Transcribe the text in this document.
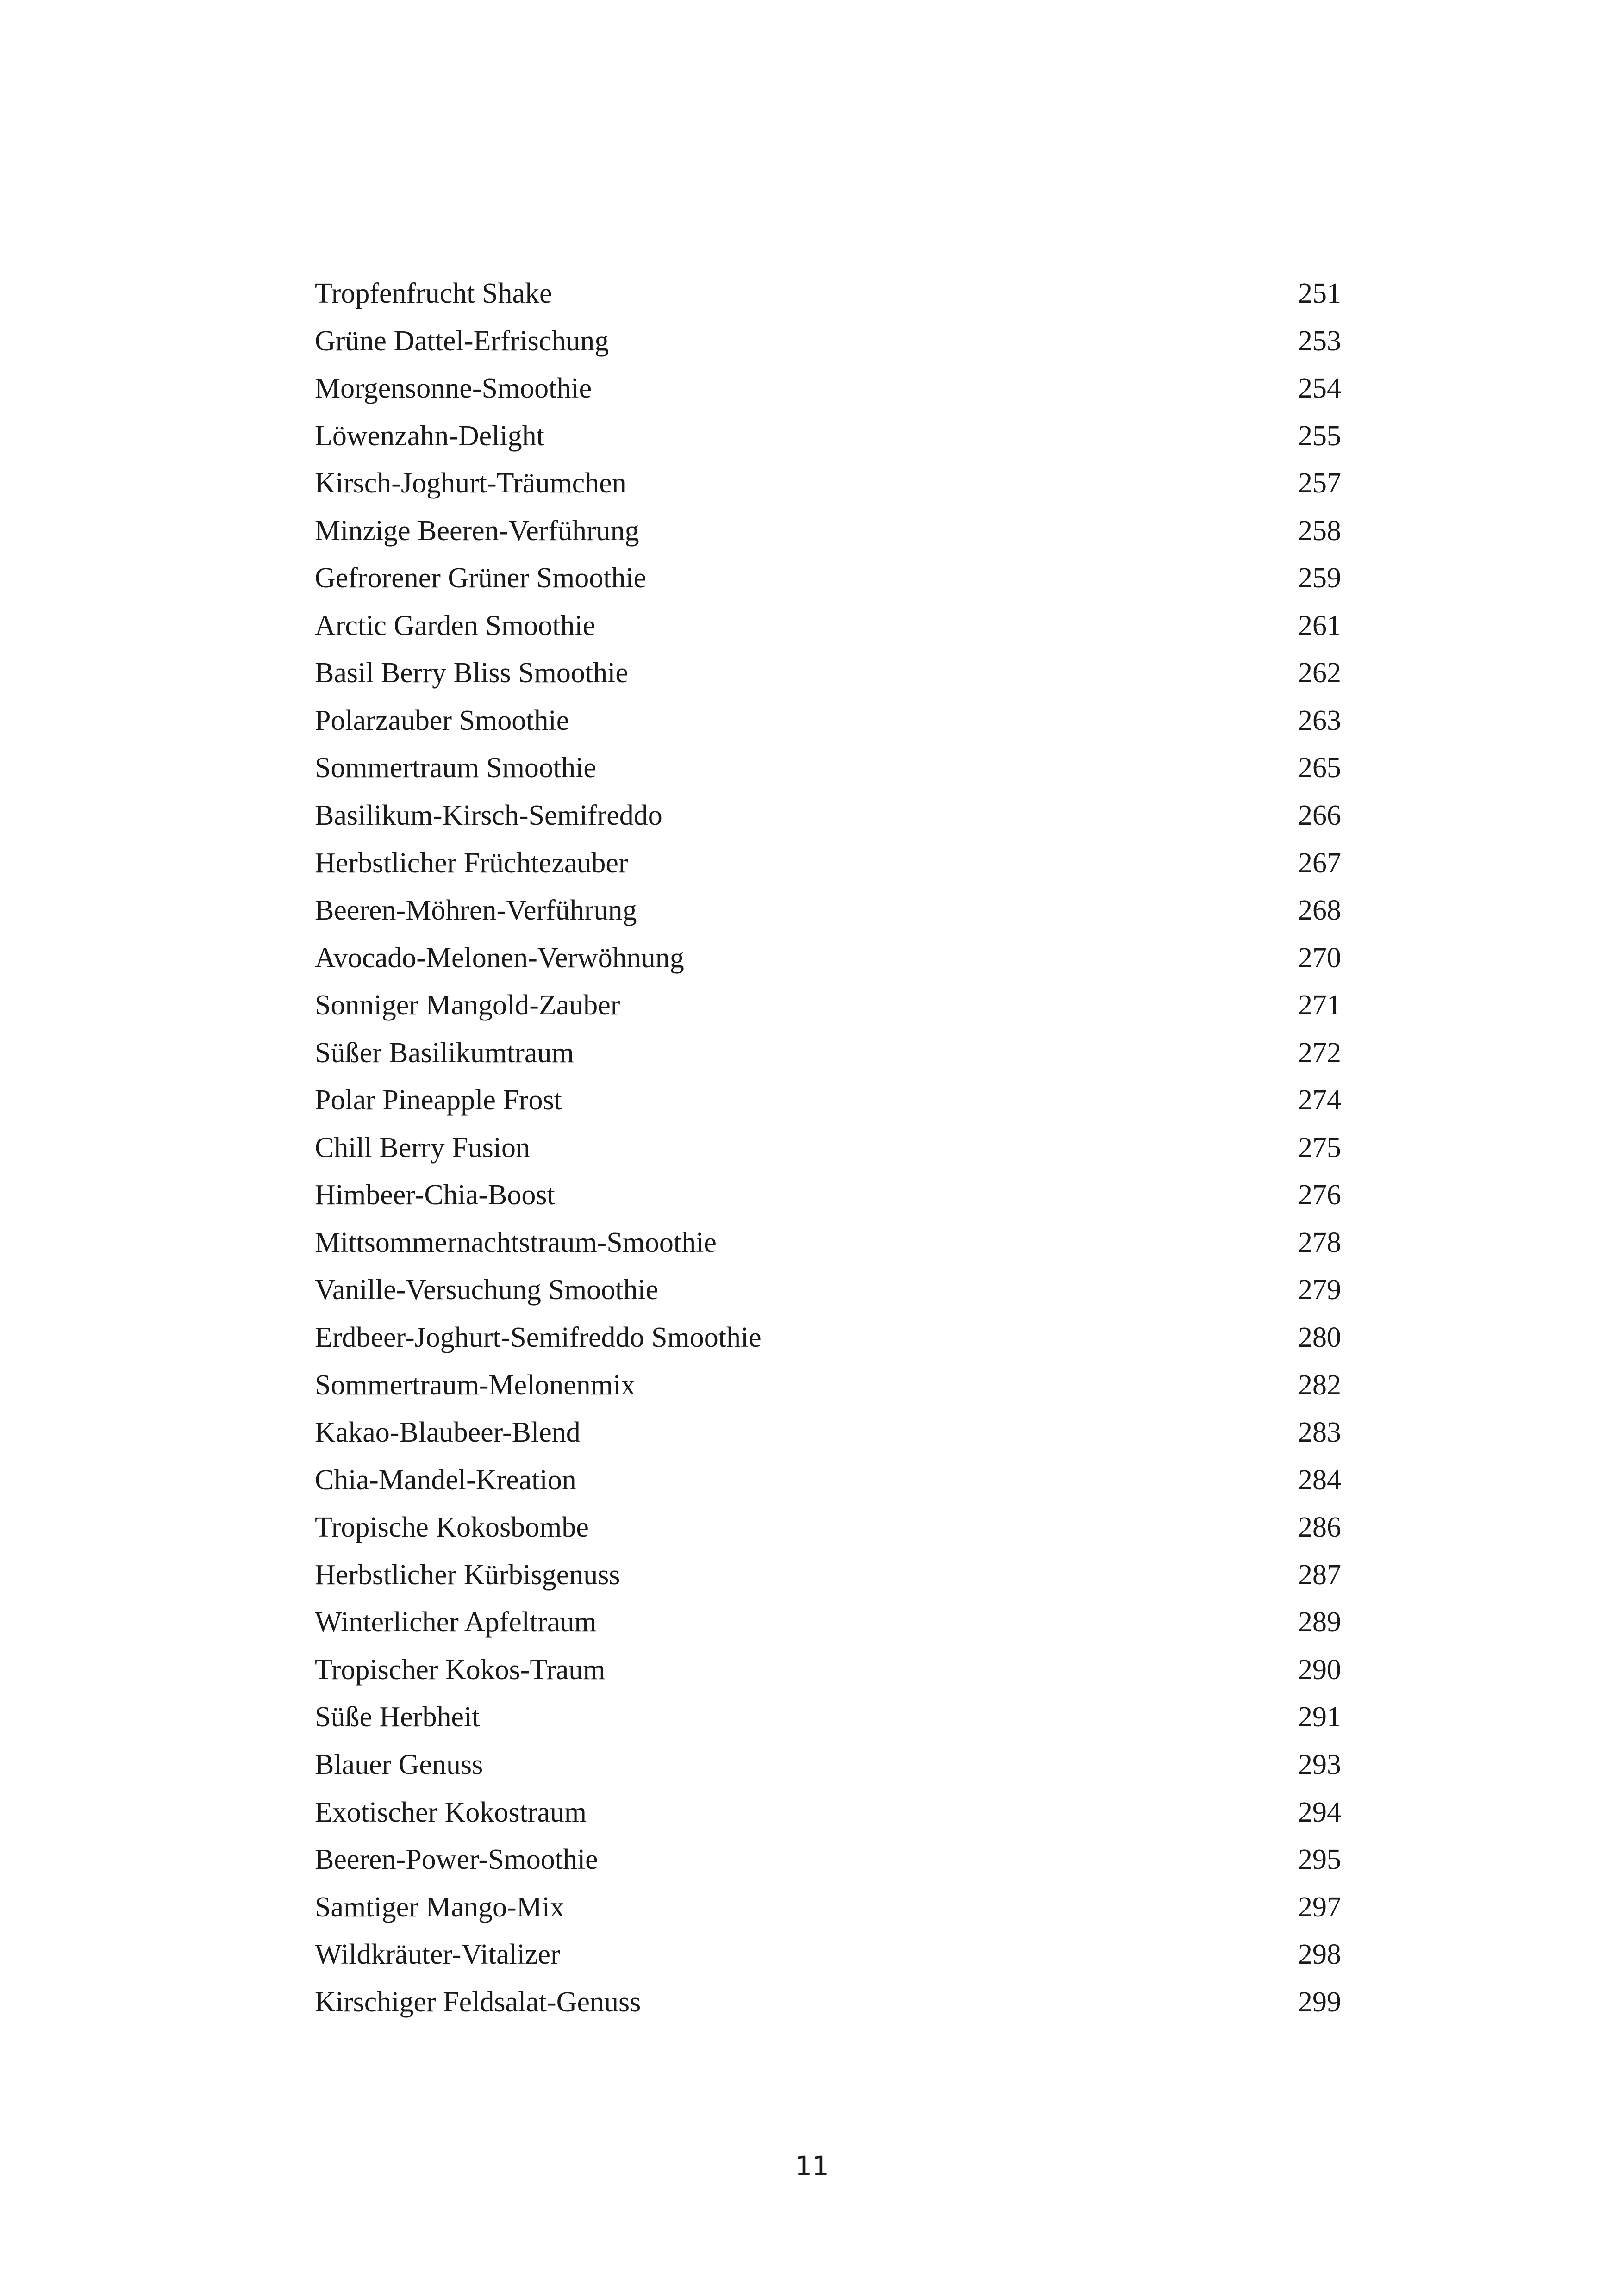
Tropfenfrucht Shake	251
Grüne Dattel-Erfrischung	253
Morgensonne-Smoothie	254
Löwenzahn-Delight	255
Kirsch-Joghurt-Träumchen	257
Minzige Beeren-Verführung	258
Gefrorener Grüner Smoothie	259
Arctic Garden Smoothie	261
Basil Berry Bliss Smoothie	262
Polarzauber Smoothie	263
Sommertraum Smoothie	265
Basilikum-Kirsch-Semifreddo	266
Herbstlicher Früchtezauber	267
Beeren-Möhren-Verführung	268
Avocado-Melonen-Verwöhnung	270
Sonniger Mangold-Zauber	271
Süßer Basilikumtraum	272
Polar Pineapple Frost	274
Chill Berry Fusion	275
Himbeer-Chia-Boost	276
Mittsommernachtstraum-Smoothie	278
Vanille-Versuchung Smoothie	279
Erdbeer-Joghurt-Semifreddo Smoothie	280
Sommertraum-Melonenmix	282
Kakao-Blaubeer-Blend	283
Chia-Mandel-Kreation	284
Tropische Kokosbombe	286
Herbstlicher Kürbisgenuss	287
Winterlicher Apfeltraum	289
Tropischer Kokos-Traum	290
Süße Herbheit	291
Blauer Genuss	293
Exotischer Kokostraum	294
Beeren-Power-Smoothie	295
Samtiger Mango-Mix	297
Wildkräuter-Vitalizer	298
Kirschiger Feldsalat-Genuss	299
11
